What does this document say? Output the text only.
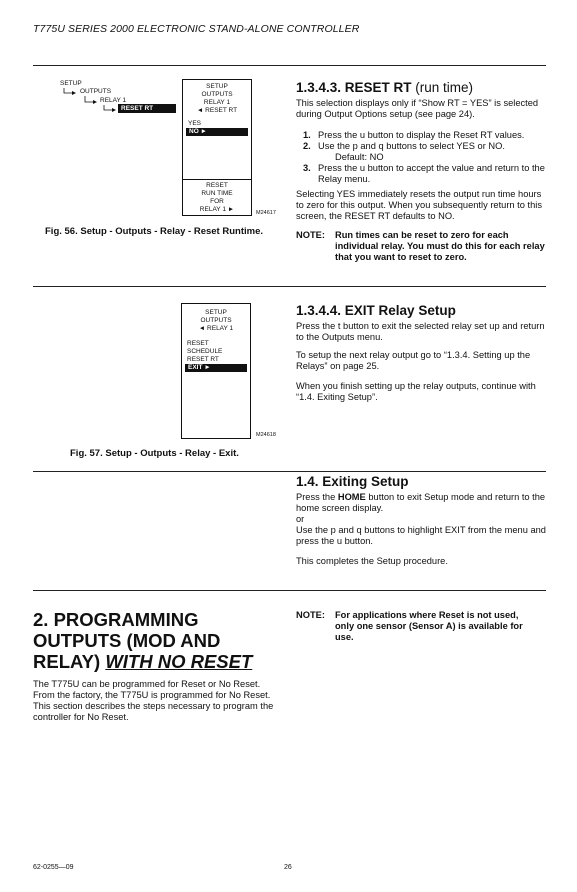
T775U SERIES 2000 ELECTRONIC STAND-ALONE CONTROLLER
SETUP
OUTPUTS
RELAY 1
RESET RT
SETUP
OUTPUTS
RELAY 1
◄ RESET RT
YES
NO ►
RESET
RUN TIME
FOR
RELAY 1 ►	M24617
Fig. 56. Setup - Outputs - Relay - Reset Runtime.
1.3.4.3. RESET RT (run time)
This selection displays only if “Show RT = YES” is selected during Output Options setup (see page 24).
1. Press the u button to display the Reset RT values.
2. Use the p and q buttons to select YES or NO.
Default: NO
3. Press the u button to accept the value and return to the Relay menu.
Selecting YES immediately resets the output run time hours to zero for this output. When you subsequently return to this screen, the RESET RT defaults to NO.
NOTE: Run times can be reset to zero for each individual relay. You must do this for each relay that you want to reset to zero.
SETUP
OUTPUTS
◄ RELAY 1
RESET
SCHEDULE
RESET RT
EXIT ►
M24618
Fig. 57. Setup - Outputs - Relay - Exit.
1.3.4.4. EXIT Relay Setup
Press the t button to exit the selected relay set up and return to the Outputs menu.
To setup the next relay output go to “1.3.4. Setting up the Relays” on page 25.
When you finish setting up the relay outputs, continue with “1.4. Exiting Setup”.
1.4. Exiting Setup
Press the HOME button to exit Setup mode and return to the home screen display.
or
Use the p and q buttons to highlight EXIT from the menu and press the u button.
This completes the Setup procedure.
2. PROGRAMMING OUTPUTS (MOD AND RELAY) WITH NO RESET
The T775U can be programmed for Reset or No Reset. From the factory, the T775U is programmed for No Reset. This section describes the steps necessary to program the controller for No Reset.
NOTE: For applications where Reset is not used, only one sensor (Sensor A) is available for use.
62-0255—09	26
